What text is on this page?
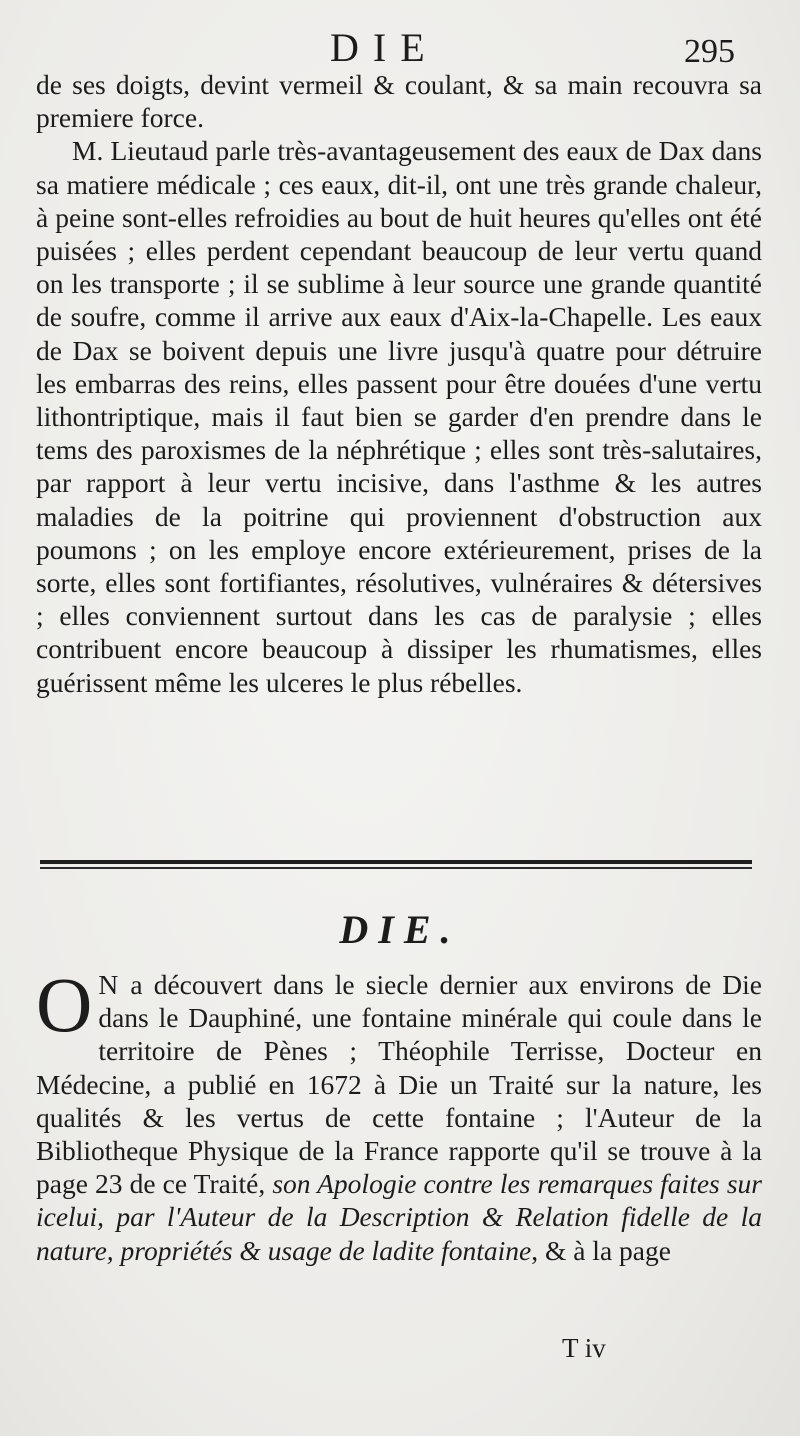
DIE	295

de ses doigts, devint vermeil & coulant, & sa main recouvra sa premiere force.

M. Lieutaud parle très-avantageusement des eaux de Dax dans sa matiere médicale ; ces eaux, dit-il, ont une très grande chaleur, à peine sont-elles refroidies au bout de huit heures qu'elles ont été puisées ; elles perdent cependant beaucoup de leur vertu quand on les transporte ; il se sublime à leur source une grande quantité de soufre, comme il arrive aux eaux d'Aix-la-Chapelle. Les eaux de Dax se boivent depuis une livre jusqu'à quatre pour détruire les embarras des reins, elles passent pour être douées d'une vertu lithontriptique, mais il faut bien se garder d'en prendre dans le tems des paroxismes de la néphrétique ; elles sont très-salutaires, par rapport à leur vertu incisive, dans l'asthme & les autres maladies de la poitrine qui proviennent d'obstruction aux poumons ; on les employe encore extérieurement, prises de la sorte, elles sont fortifiantes, résolutives, vulnéraires & détersives ; elles conviennent surtout dans les cas de paralysie ; elles contribuent encore beaucoup à dissiper les rhumatismes, elles guérissent même les ulceres le plus rébelles.

DIE.

O N a découvert dans le siecle dernier aux environs de Die dans le Dauphiné, une fontaine minérale qui coule dans le territoire de Pènes ; Théophile Terrisse, Docteur en Médecine, a publié en 1672 à Die un Traité sur la nature, les qualités & les vertus de cette fontaine ; l'Auteur de la Bibliotheque Physique de la France rapporte qu'il se trouve à la page 23 de ce Traité, son Apologie contre les remarques faites sur icelui, par l'Auteur de la Description & Relation fidelle de la nature, propriétés & usage de ladite fontaine, & à la page

T iv
